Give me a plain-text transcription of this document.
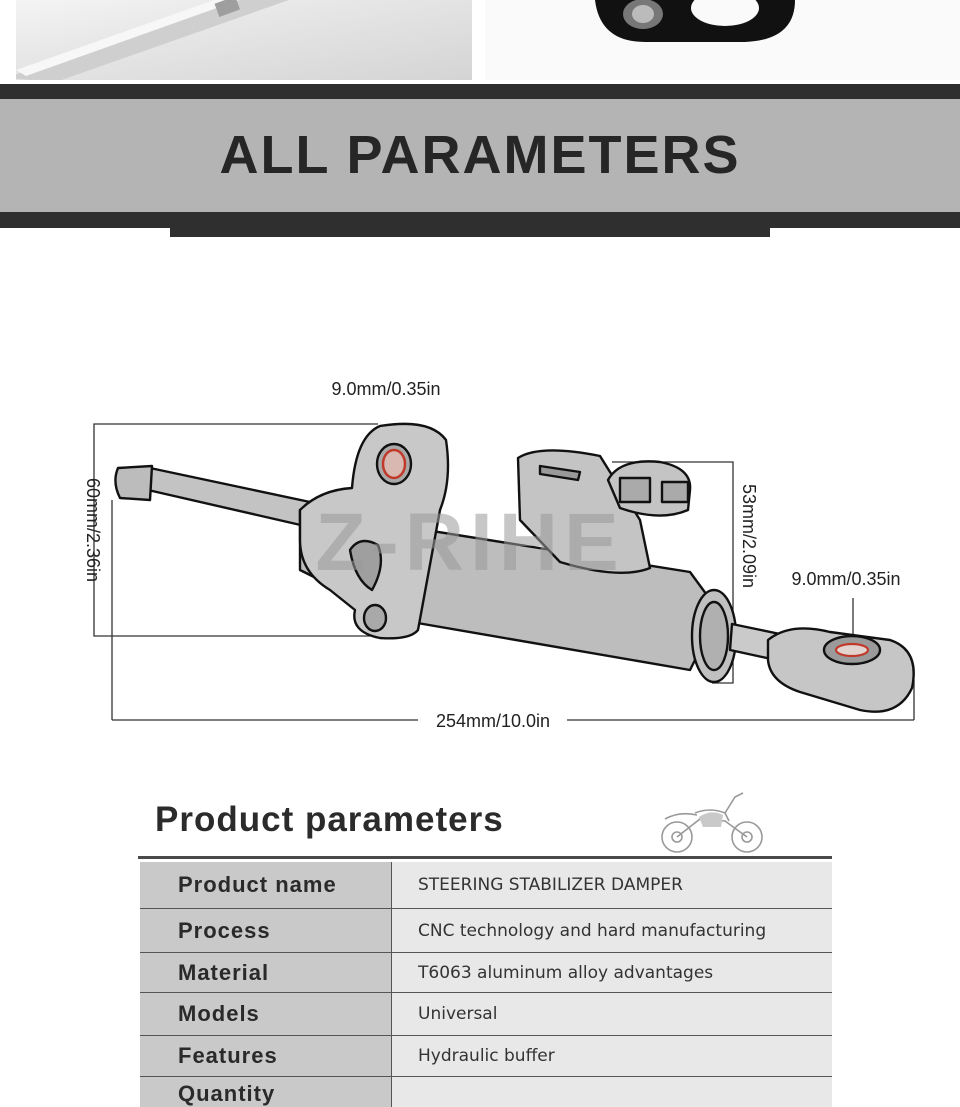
ALL PARAMETERS
Z-RIHE
9.0mm/0.35in
60mm/2.36in	53mm/2.09in 9.0mm/0.35in
254mm/10.0in
Product parameters
Product name	STEERING STABILIZER DAMPER
Process	CNC technology and hard manufacturing
Material	T6063 aluminum alloy advantages
Models	Universal
Features	Hydraulic buffer
Quantity
